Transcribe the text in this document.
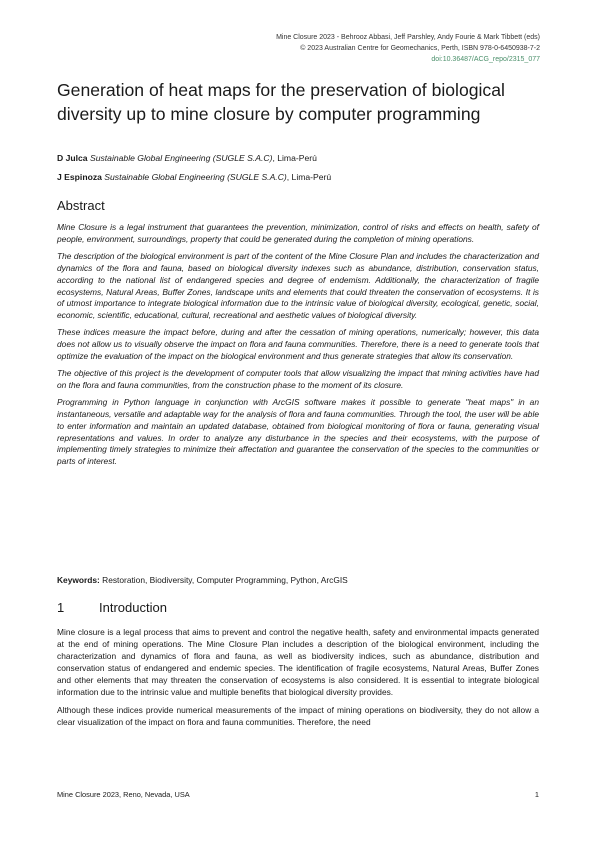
Mine Closure 2023 - Behrooz Abbasi, Jeff Parshley, Andy Fourie & Mark Tibbett (eds)
© 2023 Australian Centre for Geomechanics, Perth, ISBN 978-0-6450938-7-2
doi:10.36487/ACG_repo/2315_077
Generation of heat maps for the preservation of biological diversity up to mine closure by computer programming
D Julca Sustainable Global Engineering (SUGLE S.A.C), Lima-Perú
J Espinoza Sustainable Global Engineering (SUGLE S.A.C), Lima-Perú
Abstract

Mine Closure is a legal instrument that guarantees the prevention, minimization, control of risks and effects on health, safety of people, environment, surroundings, property that could be generated during the completion of mining operations.

The description of the biological environment is part of the content of the Mine Closure Plan and includes the characterization and dynamics of the flora and fauna, based on biological diversity indexes such as abundance, distribution, conservation status, according to the national list of endangered species and degree of endemism. Additionally, the characterization of fragile ecosystems, Natural Areas, Buffer Zones, landscape units and elements that could threaten the conservation of ecosystems. It is of utmost importance to integrate biological information due to the intrinsic value of biological diversity, ecological, genetic, social, economic, scientific, educational, cultural, recreational and aesthetic values of biological diversity.

These indices measure the impact before, during and after the cessation of mining operations, numerically; however, this data does not allow us to visually observe the impact on flora and fauna communities. Therefore, there is a need to generate tools that optimize the evaluation of the impact on the biological environment and thus generate strategies that allow its conservation.

The objective of this project is the development of computer tools that allow visualizing the impact that mining activities have had on the flora and fauna communities, from the construction phase to the moment of its closure.

Programming in Python language in conjunction with ArcGIS software makes it possible to generate "heat maps" in an instantaneous, versatile and adaptable way for the analysis of flora and fauna communities. Through the tool, the user will be able to enter information and maintain an updated database, obtained from biological monitoring of flora or fauna, generating visual representations and values. In order to analyze any disturbance in the species and their ecosystems, with the purpose of implementing timely strategies to minimize their affectation and guarantee the conservation of the species to the communities or parts of interest.

Keywords: Restoration, Biodiversity, Computer Programming, Python, ArcGIS
1	Introduction

Mine closure is a legal process that aims to prevent and control the negative health, safety and environmental impacts generated at the end of mining operations. The Mine Closure Plan includes a description of the biological environment, including the characterization and dynamics of flora and fauna, as well as biodiversity indices, such as abundance, distribution and conservation status of endangered and endemic species. The identification of fragile ecosystems, Natural Areas, Buffer Zones and other elements that may threaten the conservation of ecosystems is also considered. It is essential to integrate biological information due to the intrinsic value and multiple benefits that biological diversity provides.

Although these indices provide numerical measurements of the impact of mining operations on biodiversity, they do not allow a clear visualization of the impact on flora and fauna communities. Therefore, the need

Mine Closure 2023, Reno, Nevada, USA	1
